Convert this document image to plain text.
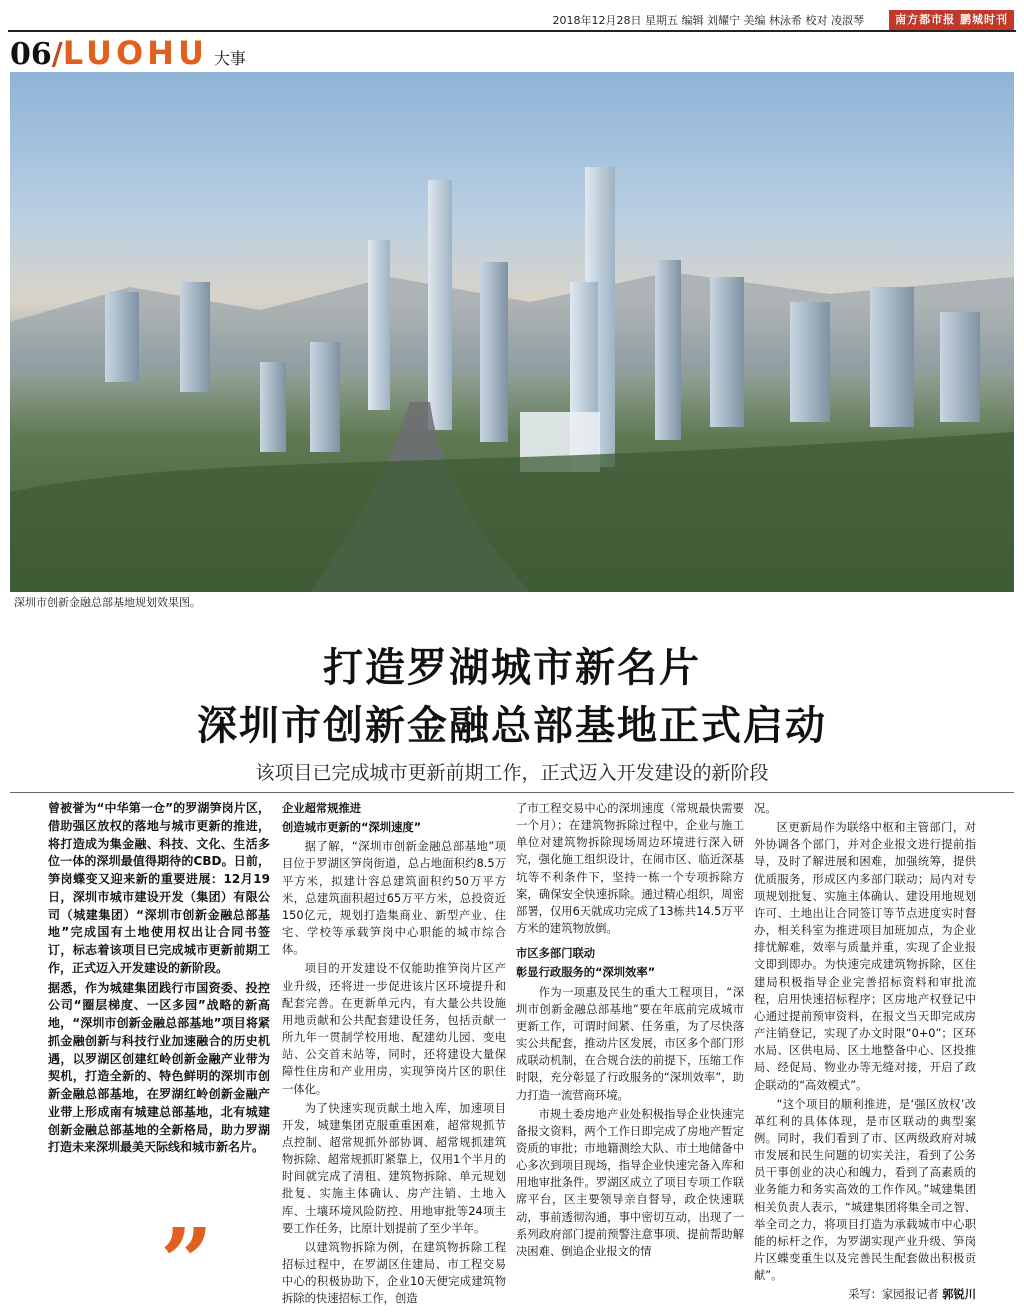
2018年12月28日 星期五 编辑 刘耀宁 美编 林泳希 校对 凌淑琴	南方都市报 鹏城时刊
06/LUOHU 大事
深圳市创新金融总部基地规划效果图。
打造罗湖城市新名片
深圳市创新金融总部基地正式启动
该项目已完成城市更新前期工作，正式迈入开发建设的新阶段

曾被誉为“中华第一仓”的罗湖笋岗片区，借助强区放权的落地与城市更新的推进，将打造成为集金融、科技、文化、生活多位一体的深圳最值得期待的CBD。日前，笋岗蝶变又迎来新的重要进展：12月19日，深圳市城市建设开发（集团）有限公司（城建集团）“深圳市创新金融总部基地”完成国有土地使用权出让合同书签订，标志着该项目已完成城市更新前期工作，正式迈入开发建设的新阶段。

据悉，作为城建集团践行市国资委、投控公司“圈层梯度、一区多园”战略的新高地，“深圳市创新金融总部基地”项目将紧抓金融创新与科技行业加速融合的历史机遇，以罗湖区创建红岭创新金融产业带为契机，打造全新的、特色鲜明的深圳市创新金融总部基地，在罗湖红岭创新金融产业带上形成南有城建总部基地，北有城建创新金融总部基地的全新格局，助力罗湖打造未来深圳最美天际线和城市新名片。

企业超常规推进

创造城市更新的“深圳速度”

据了解，“深圳市创新金融总部基地”项目位于罗湖区笋岗街道，总占地面积约8.5万平方米，拟建计容总建筑面积约50万平方米，总建筑面积超过65万平方米，总投资近150亿元，规划打造集商业、新型产业、住宅、学校等承载笋岗中心职能的城市综合体。

项目的开发建设不仅能助推笋岗片区产业升级，还将进一步促进该片区环境提升和配套完善。在更新单元内，有大量公共设施用地贡献和公共配套建设任务，包括贡献一所九年一贯制学校用地、配建幼儿园、变电站、公交首末站等，同时，还将建设大量保障性住房和产业用房，实现笋岗片区的职住一体化。

为了快速实现贡献土地入库，加速项目开发，城建集团克服重重困难，超常规抓节点控制、超常规抓外部协调、超常规抓建筑物拆除、超常规抓盯紧靠上，仅用1个半月的时间就完成了清租、建筑物拆除、单元规划批复、实施主体确认、房产注销、土地入库、土壤环境风险防控、用地审批等24项主要工作任务，比原计划提前了至少半年。

以建筑物拆除为例，在建筑物拆除工程招标过程中，在罗湖区住建局、市工程交易中心的积极协助下，企业10天便完成建筑物拆除的快速招标工作，创造

了市工程交易中心的深圳速度（常规最快需要一个月）；在建筑物拆除过程中，企业与施工单位对建筑物拆除现场周边环境进行深入研究，强化施工组织设计，在闹市区、临近深基坑等不利条件下，坚持一栋一个专项拆除方案，确保安全快速拆除。通过精心组织，周密部署，仅用6天就成功完成了13栋共14.5万平方米的建筑物放倒。

市区多部门联动

彰显行政服务的“深圳效率”

作为一项惠及民生的重大工程项目，“深圳市创新金融总部基地”要在年底前完成城市更新工作，可谓时间紧、任务重，为了尽快落实公共配套，推动片区发展，市区多个部门形成联动机制，在合规合法的前提下，压缩工作时限，充分彰显了行政服务的“深圳效率”，助力打造一流营商环境。

市规土委房地产业处积极指导企业快速完备报文资料，两个工作日即完成了房地产暂定资质的审批；市地籍测绘大队、市土地储备中心多次到项目现场，指导企业快速完备入库和用地审批条件。罗湖区成立了项目专项工作联席平台，区主要领导亲自督导，政企快速联动，事前透彻沟通，事中密切互动，出现了一系列政府部门提前预警注意事项、提前帮助解决困难、倒追企业报文的情

况。

区更新局作为联络中枢和主管部门，对外协调各个部门，并对企业报文进行提前指导，及时了解进展和困难，加强统筹，提供优质服务，形成区内多部门联动；局内对专项规划批复、实施主体确认、建设用地规划许可、土地出让合同签订等节点进度实时督办，相关科室为推进项目加班加点，为企业排忧解难，效率与质量并重，实现了企业报文即到即办。为快速完成建筑物拆除，区住建局积极指导企业完善招标资料和审批流程，启用快速招标程序；区房地产权登记中心通过提前预审资料，在报文当天即完成房产注销登记，实现了办文时限“0+0”；区环水局、区供电局、区土地整备中心、区投推局、经促局、物业办等无缝对接，开启了政企联动的“高效模式”。

“这个项目的顺利推进，是‘强区放权’改革红利的具体体现，是市区联动的典型案例。同时，我们看到了市、区两级政府对城市发展和民生问题的切实关注，看到了公务员干事创业的决心和魄力，看到了高素质的业务能力和务实高效的工作作风。”城建集团相关负责人表示，“城建集团将集全司之智、举全司之力，将项目打造为承载城市中心职能的标杆之作，为罗湖实现产业升级、笋岗片区蝶变重生以及完善民生配套做出积极贡献”。

采写：家园报记者 郭锐川

”
